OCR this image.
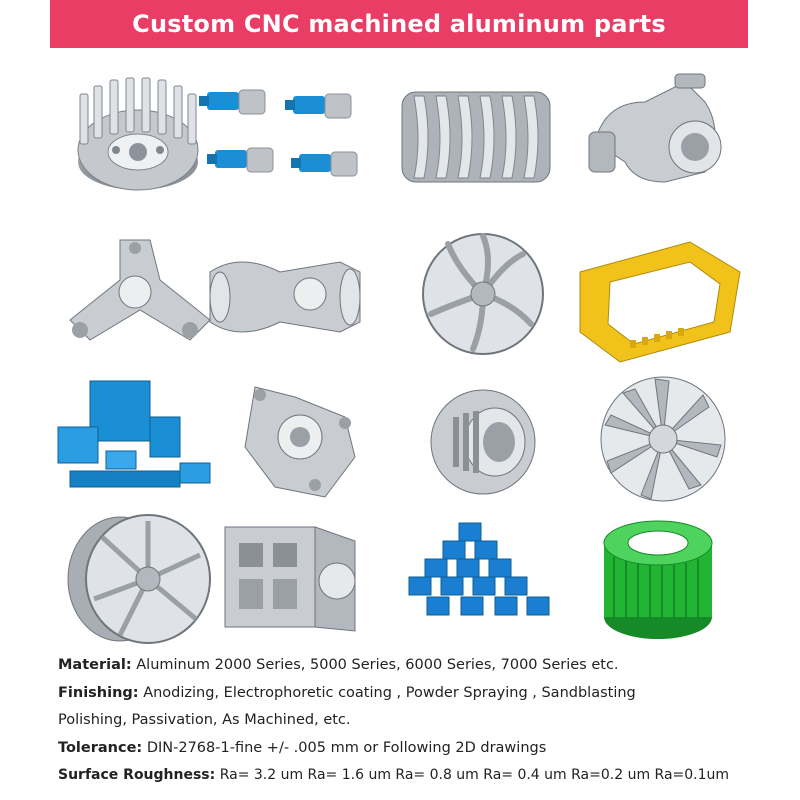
Custom CNC machined aluminum parts
Material: Aluminum 2000 Series, 5000 Series, 6000 Series, 7000 Series etc.
Finishing: Anodizing, Electrophoretic coating , Powder Spraying , Sandblasting
Polishing, Passivation, As Machined, etc.
Tolerance: DIN-2768-1-fine +/- .005 mm or Following 2D drawings
Surface Roughness: Ra= 3.2 um Ra= 1.6 um Ra= 0.8 um Ra= 0.4 um Ra=0.2 um Ra=0.1um
